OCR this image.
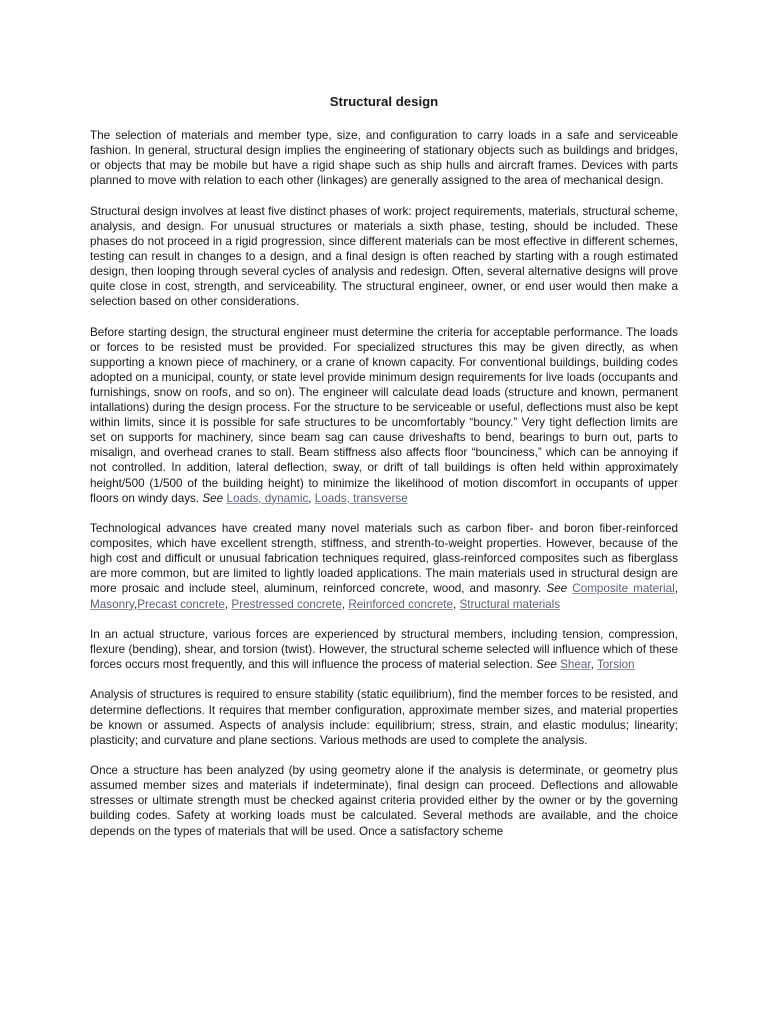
Structural design

The selection of materials and member type, size, and configuration to carry loads in a safe and serviceable fashion. In general, structural design implies the engineering of stationary objects such as buildings and bridges, or objects that may be mobile but have a rigid shape such as ship hulls and aircraft frames. Devices with parts planned to move with relation to each other (linkages) are generally assigned to the area of mechanical design.

Structural design involves at least five distinct phases of work: project requirements, materials, structural scheme, analysis, and design. For unusual structures or materials a sixth phase, testing, should be included. These phases do not proceed in a rigid progression, since different materials can be most effective in different schemes, testing can result in changes to a design, and a final design is often reached by starting with a rough estimated design, then looping through several cycles of analysis and redesign. Often, several alternative designs will prove quite close in cost, strength, and serviceability. The structural engineer, owner, or end user would then make a selection based on other considerations.

Before starting design, the structural engineer must determine the criteria for acceptable performance. The loads or forces to be resisted must be provided. For specialized structures this may be given directly, as when supporting a known piece of machinery, or a crane of known capacity. For conventional buildings, building codes adopted on a municipal, county, or state level provide minimum design requirements for live loads (occupants and furnishings, snow on roofs, and so on). The engineer will calculate dead loads (structure and known, permanent intallations) during the design process. For the structure to be serviceable or useful, deflections must also be kept within limits, since it is possible for safe structures to be uncomfortably “bouncy.” Very tight deflection limits are set on supports for machinery, since beam sag can cause driveshafts to bend, bearings to burn out, parts to misalign, and overhead cranes to stall. Beam stiffness also affects floor “bounciness,” which can be annoying if not controlled. In addition, lateral deflection, sway, or drift of tall buildings is often held within approximately height/500 (1/500 of the building height) to minimize the likelihood of motion discomfort in occupants of upper floors on windy days. See Loads, dynamic, Loads, transverse

Technological advances have created many novel materials such as carbon fiber- and boron fiber-reinforced composites, which have excellent strength, stiffness, and strenth-to-weight properties. However, because of the high cost and difficult or unusual fabrication techniques required, glass-reinforced composites such as fiberglass are more common, but are limited to lightly loaded applications. The main materials used in structural design are more prosaic and include steel, aluminum, reinforced concrete, wood, and masonry. See Composite material, Masonry,Precast concrete, Prestressed concrete, Reinforced concrete, Structural materials

In an actual structure, various forces are experienced by structural members, including tension, compression, flexure (bending), shear, and torsion (twist). However, the structural scheme selected will influence which of these forces occurs most frequently, and this will influence the process of material selection. See Shear, Torsion

Analysis of structures is required to ensure stability (static equilibrium), find the member forces to be resisted, and determine deflections. It requires that member configuration, approximate member sizes, and material properties be known or assumed. Aspects of analysis include: equilibrium; stress, strain, and elastic modulus; linearity; plasticity; and curvature and plane sections. Various methods are used to complete the analysis.

Once a structure has been analyzed (by using geometry alone if the analysis is determinate, or geometry plus assumed member sizes and materials if indeterminate), final design can proceed. Deflections and allowable stresses or ultimate strength must be checked against criteria provided either by the owner or by the governing building codes. Safety at working loads must be calculated. Several methods are available, and the choice depends on the types of materials that will be used. Once a satisfactory scheme
